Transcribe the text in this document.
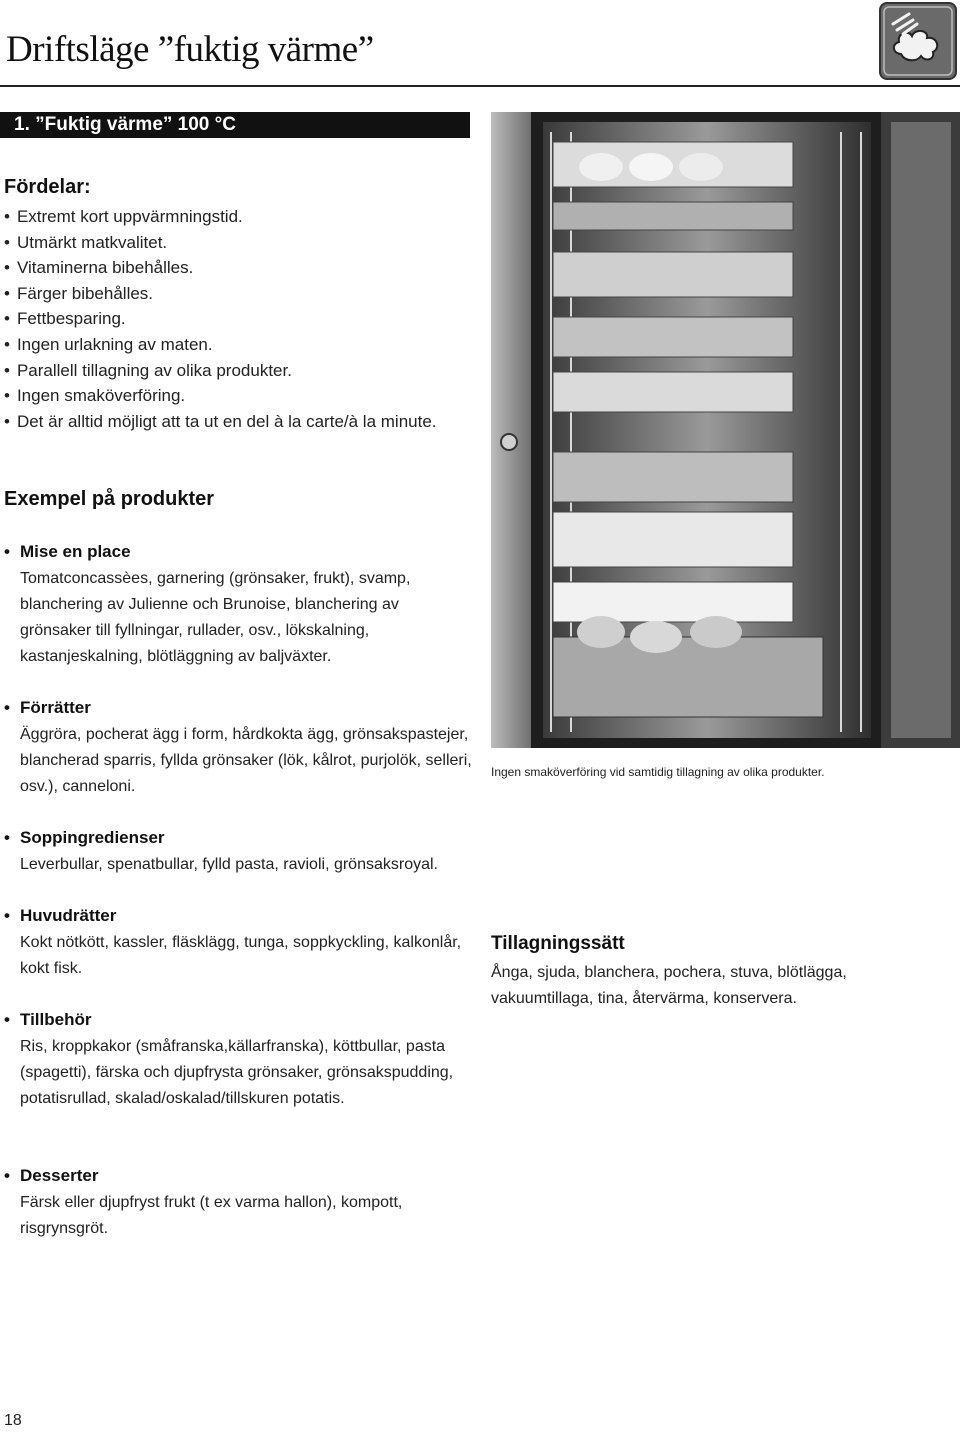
Driftsläge ”fuktig värme”
1. ”Fuktig värme” 100 °C
Fördelar:
• Extremt kort uppvärmningstid.
• Utmärkt matkvalitet.
• Vitaminerna bibehålles.
• Färger bibehålles.
• Fettbesparing.
• Ingen urlakning av maten.
• Parallell tillagning av olika produkter.
• Ingen smaköverföring.
• Det är alltid möjligt att ta ut en del à la carte/à la minute.
Exempel på produkter

• Mise en place

Tomatconcassèes, garnering (grönsaker, frukt), svamp, blanchering av Julienne och Brunoise, blanchering av grönsaker till fyllningar, rullader, osv., lökskalning, kastanjeskalning, blötläggning av baljväxter.

• Förrätter

Äggröra, pocherat ägg i form, hårdkokta ägg, grönsakspastejer, blancherad sparris, fyllda grönsaker (lök, kålrot, purjolök, selleri, osv.), canneloni.

• Soppingredienser

Leverbullar, spenatbullar, fylld pasta, ravioli, grönsaksroyal.

• Huvudrätter

Kokt nötkött, kassler, fläsklägg, tunga, soppkyckling, kalkonlår, kokt fisk.

• Tillbehör

Ris, kroppkakor (småfranska,källarfranska), köttbullar, pasta (spagetti), färska och djupfrysta grönsaker, grönsakspudding, potatisrullad, skalad/oskalad/tillskuren potatis.

• Desserter

Färsk eller djupfryst frukt (t ex varma hallon), kompott, risgrynsgröt.

Ingen smaköverföring vid samtidig tillagning av olika produkter.

Tillagningssätt

Ånga, sjuda, blanchera, pochera, stuva, blötlägga, vakuumtillaga, tina, återvärma, konservera.

18
